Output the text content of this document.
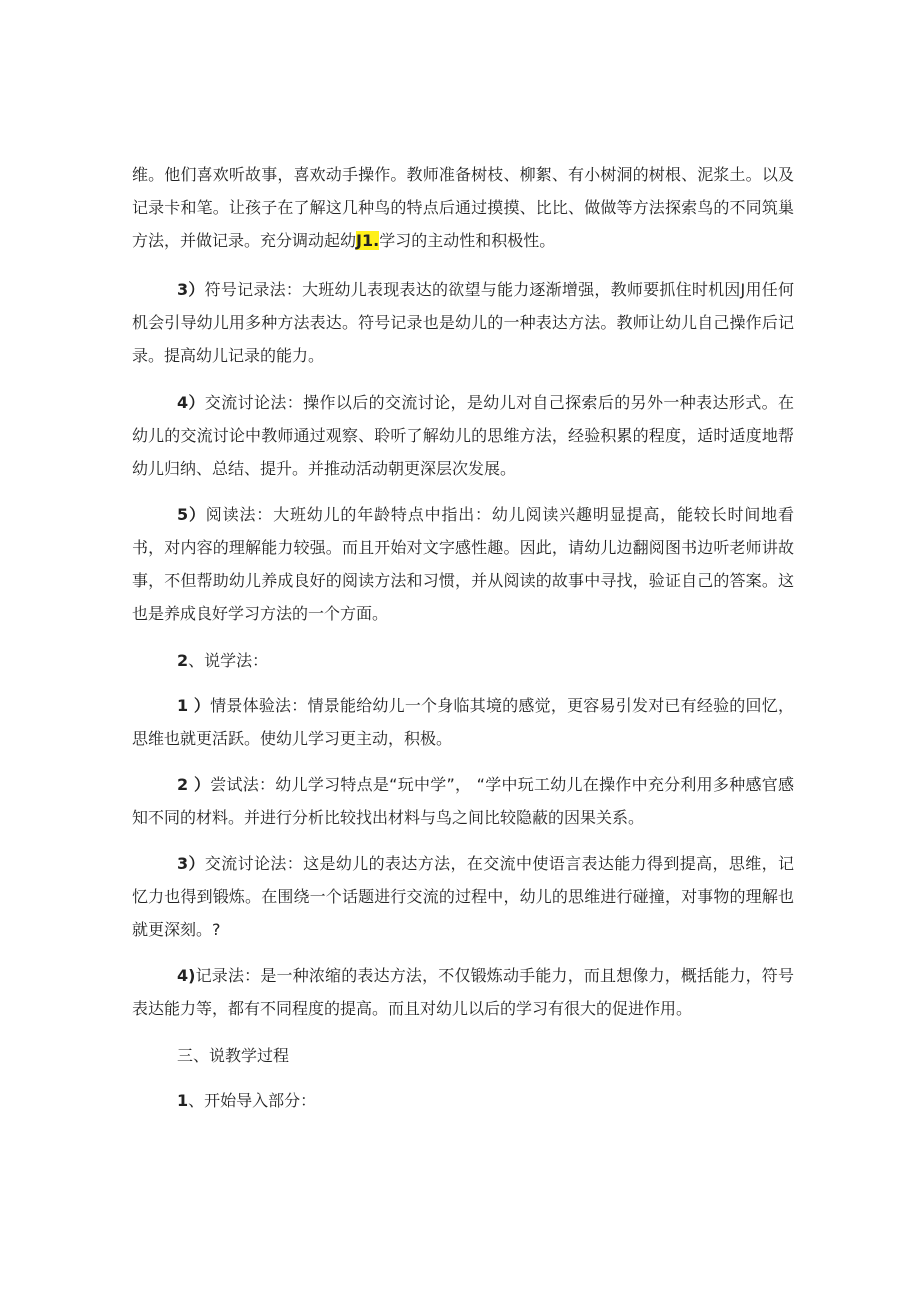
维。他们喜欢听故事，喜欢动手操作。教师准备树枝、柳絮、有小树洞的树根、泥浆土。以及记录卡和笔。让孩子在了解这几种鸟的特点后通过摸摸、比比、做做等方法探索鸟的不同筑巢方法，并做记录。充分调动起幼J1.学习的主动性和积极性。

3）符号记录法：大班幼儿表现表达的欲望与能力逐渐增强，教师要抓住时机因J用任何机会引导幼儿用多种方法表达。符号记录也是幼儿的一种表达方法。教师让幼儿自己操作后记录。提高幼儿记录的能力。

4）交流讨论法：操作以后的交流讨论，是幼儿对自己探索后的另外一种表达形式。在幼儿的交流讨论中教师通过观察、聆听了解幼儿的思维方法，经验积累的程度，适时适度地帮幼儿归纳、总结、提升。并推动活动朝更深层次发展。

5）阅读法：大班幼儿的年龄特点中指出：幼儿阅读兴趣明显提高，能较长时间地看书，对内容的理解能力较强。而且开始对文字感性趣。因此，请幼儿边翻阅图书边听老师讲故事，不但帮助幼儿养成良好的阅读方法和习惯，并从阅读的故事中寻找，验证自己的答案。这也是养成良好学习方法的一个方面。

2、说学法：

1 ）情景体验法：情景能给幼儿一个身临其境的感觉，更容易引发对已有经验的回忆，思维也就更活跃。使幼儿学习更主动，积极。

2 ）尝试法：幼儿学习特点是“玩中学”， “学中玩工幼儿在操作中充分利用多种感官感知不同的材料。并进行分析比较找出材料与鸟之间比较隐蔽的因果关系。

3）交流讨论法：这是幼儿的表达方法，在交流中使语言表达能力得到提高，思维，记忆力也得到锻炼。在围绕一个话题进行交流的过程中，幼儿的思维进行碰撞，对事物的理解也就更深刻。?

4)记录法：是一种浓缩的表达方法，不仅锻炼动手能力，而且想像力，概括能力，符号表达能力等，都有不同程度的提高。而且对幼儿以后的学习有很大的促进作用。

三、说教学过程

1、开始导入部分：
